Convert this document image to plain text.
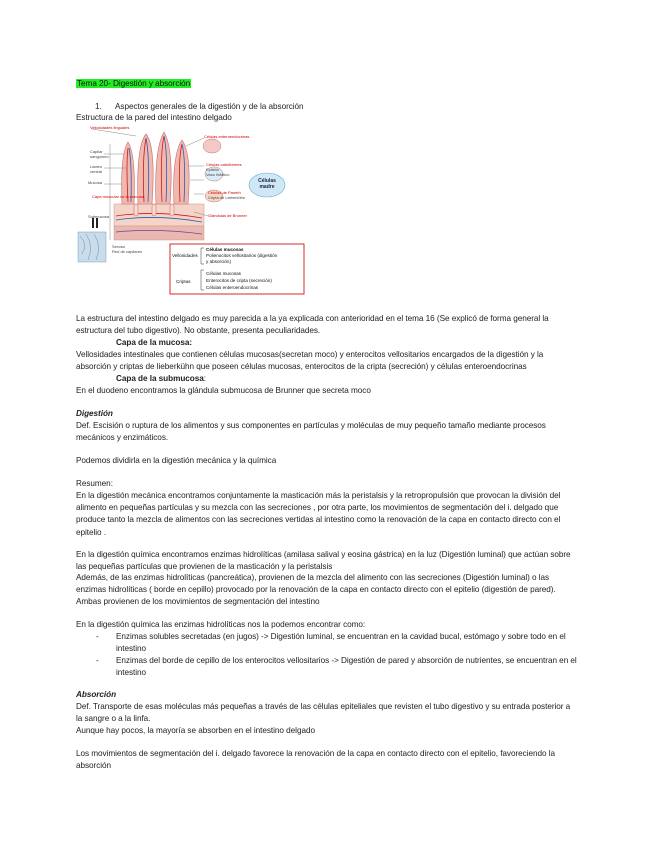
Tema 20- Digestión y absorción
1. Aspectos generales de la digestión y de la absorción
Estructura de la pared del intestino delgado
Vellosidades linguales
Capilar
sanguíneo
Lácteo
central
Mucosa
Capa muscular de la mucosa
Submucosa
Serosa
Red de capilares
Células enteroendocrinas
Células caliciformes
Epitelio
Vaso linfático
Células de Paneth
Cripta de Lieberkühn
Glándulas de Brunner
Células madre
Vellosidades
Células mucosas
Polienocitos vellositarios (digestión
y absorción)
Criptas
Células mucosas
Enterocitos de cripta (secreción)
Células enteroendocrinas
La estructura del intestino delgado es muy parecida a la ya explicada con anterioridad en el tema 16 (Se explicó de forma general la estructura del tubo digestivo). No obstante, presenta peculiaridades.
Capa de la mucosa:
Vellosidades intestinales que contienen células mucosas(secretan moco) y enterocitos vellositarios encargados de la digestión y la absorción y criptas de lieberkühn que poseen células mucosas, enterocitos de la cripta (secreción) y células enteroendocrinas
Capa de la submucosa:
En el duodeno encontramos la glándula submucosa de Brunner que secreta moco
Digestión
Def. Escisión o ruptura de los alimentos y sus componentes en partículas y moléculas de muy pequeño tamaño mediante procesos mecánicos y enzimáticos.
Podemos dividirla en la digestión mecánica y la química
Resumen:
En la digestión mecánica encontramos conjuntamente la masticación más la peristalsis y la retropropulsión que provocan la división del alimento en pequeñas partículas y su mezcla con las secreciones , por otra parte, los movimientos de segmentación del i. delgado que produce tanto la mezcla de alimentos con las secreciones vertidas al intestino como la renovación de la capa en contacto directo con el epitelio .
En la digestión química encontramos enzimas hidrolíticas (amilasa salival y eosina gástrica) en la luz (Digestión luminal) que actúan sobre las pequeñas partículas que provienen de la masticación y la peristalsis
Además, de las enzimas hidrolíticas (pancreática), provienen de la mezcla del alimento con las secreciones (Digestión luminal) o las enzimas hidrolíticas ( borde en cepillo) provocado por la renovación de la capa en contacto directo con el epitelio (digestión de pared). Ambas provienen de los movimientos de segmentación del intestino
En la digestión química las enzimas hidrolíticas nos la podemos encontrar como:
- Enzimas solubles secretadas (en jugos) -> Digestión luminal, se encuentran en la cavidad bucal, estómago y sobre todo en el intestino
- Enzimas del borde de cepillo de los enterocitos vellositarios -> Digestión de pared y absorción de nutrientes, se encuentran en el intestino
Absorción
Def. Transporte de esas moléculas más pequeñas a través de las células epiteliales que revisten el tubo digestivo y su entrada posterior a la sangre o a la linfa.
Aunque hay pocos, la mayoría se absorben en el intestino delgado
Los movimientos de segmentación del i. delgado favorece la renovación de la capa en contacto directo con el epitelio, favoreciendo la absorción
